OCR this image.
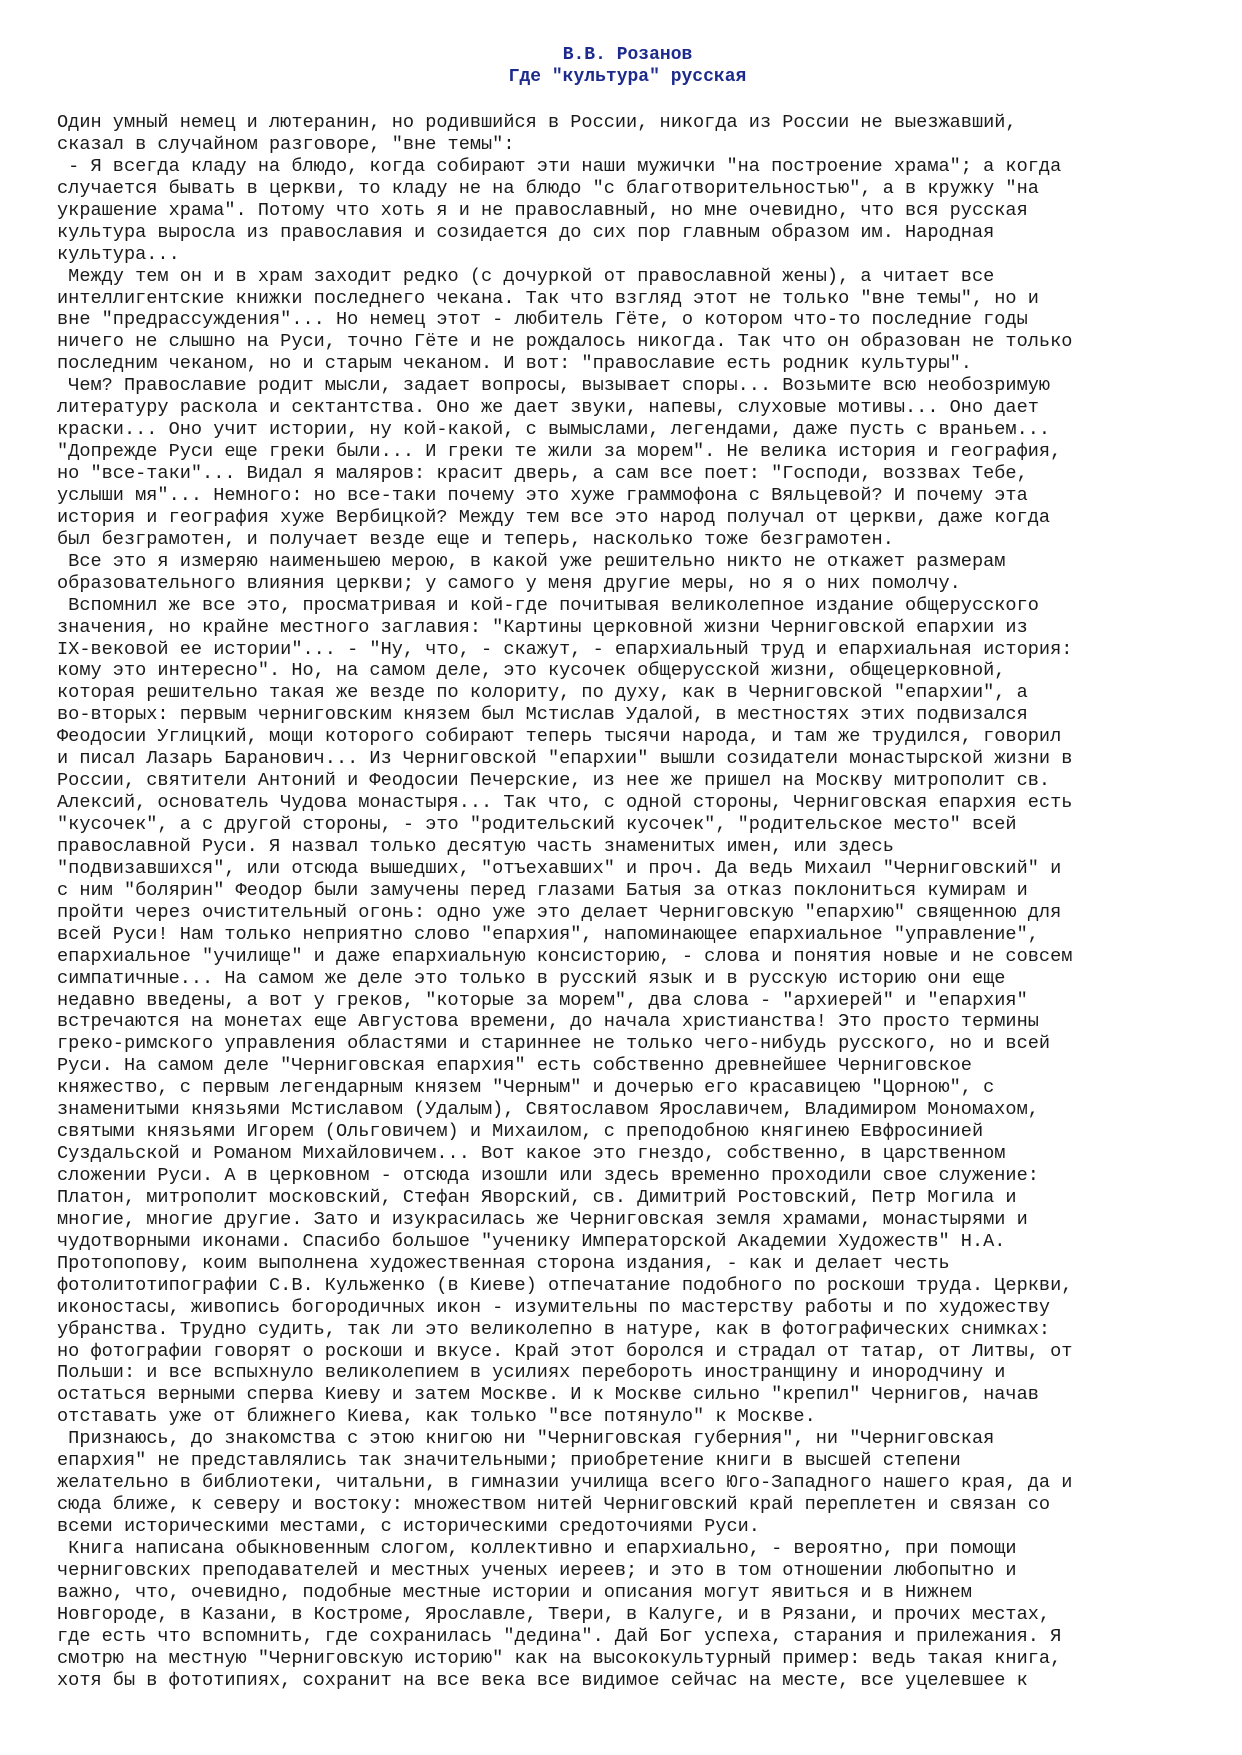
В.В. Розанов
Где "культура" русская
Один умный немец и лютеранин, но родившийся в России, никогда из России не выезжавший,
сказал в случайном разговоре, "вне темы":
- Я всегда кладу на блюдо, когда собирают эти наши мужички "на построение храма"; а когда
случается бывать в церкви, то кладу не на блюдо "с благотворительностью", а в кружку "на
украшение храма". Потому что хоть я и не православный, но мне очевидно, что вся русская
культура выросла из православия и созидается до сих пор главным образом им. Народная
культура...
Между тем он и в храм заходит редко (с дочуркой от православной жены), а читает все
интеллигентские книжки последнего чекана. Так что взгляд этот не только "вне темы", но и
вне "предрассуждения"... Но немец этот - любитель Гёте, о котором что-то последние годы
ничего не слышно на Руси, точно Гёте и не рождалось никогда. Так что он образован не только
последним чеканом, но и старым чеканом. И вот: "православие есть родник культуры".
Чем? Православие родит мысли, задает вопросы, вызывает споры... Возьмите всю необозримую
литературу раскола и сектантства. Оно же дает звуки, напевы, слуховые мотивы... Оно дает
краски... Оно учит истории, ну кой-какой, с вымыслами, легендами, даже пусть с враньем...
"Допрежде Руси еще греки были... И греки те жили за морем". Не велика история и география,
но "все-таки"... Видал я маляров: красит дверь, а сам все поет: "Господи, воззвах Тебе,
услыши мя"... Немного: но все-таки почему это хуже граммофона с Вяльцевой? И почему эта
история и география хуже Вербицкой? Между тем все это народ получал от церкви, даже когда
был безграмотен, и получает везде еще и теперь, насколько тоже безграмотен.
Все это я измеряю наименьшею мерою, в какой уже решительно никто не откажет размерам
образовательного влияния церкви; у самого у меня другие меры, но я о них помолчу.
Вспомнил же все это, просматривая и кой-где почитывая великолепное издание общерусского
значения, но крайне местного заглавия: "Картины церковной жизни Черниговской епархии из
IX-вековой ее истории"... - "Ну, что, - скажут, - епархиальный труд и епархиальная история:
кому это интересно". Но, на самом деле, это кусочек общерусской жизни, общецерковной,
которая решительно такая же везде по колориту, по духу, как в Черниговской "епархии", а
во-вторых: первым черниговским князем был Мстислав Удалой, в местностях этих подвизался
Феодосии Углицкий, мощи которого собирают теперь тысячи народа, и там же трудился, говорил
и писал Лазарь Баранович... Из Черниговской "епархии" вышли созидатели монастырской жизни в
России, святители Антоний и Феодосии Печерские, из нее же пришел на Москву митрополит св.
Алексий, основатель Чудова монастыря... Так что, с одной стороны, Черниговская епархия есть
"кусочек", а с другой стороны, - это "родительский кусочек", "родительское место" всей
православной Руси. Я назвал только десятую часть знаменитых имен, или здесь
"подвизавшихся", или отсюда вышедших, "отъехавших" и проч. Да ведь Михаил "Черниговский" и
с ним "болярин" Феодор были замучены перед глазами Батыя за отказ поклониться кумирам и
пройти через очистительный огонь: одно уже это делает Черниговскую "епархию" священною для
всей Руси! Нам только неприятно слово "епархия", напоминающее епархиальное "управление",
епархиальное "училище" и даже епархиальную консисторию, - слова и понятия новые и не совсем
симпатичные... На самом же деле это только в русский язык и в русскую историю они еще
недавно введены, а вот у греков, "которые за морем", два слова - "архиерей" и "епархия"
встречаются на монетах еще Августова времени, до начала христианства! Это просто термины
греко-римского управления областями и стариннее не только чего-нибудь русского, но и всей
Руси. На самом деле "Черниговская епархия" есть собственно древнейшее Черниговское
княжество, с первым легендарным князем "Черным" и дочерью его красавицею "Цорною", с
знаменитыми князьями Мстиславом (Удалым), Святославом Ярославичем, Владимиром Мономахом,
святыми князьями Игорем (Ольговичем) и Михаилом, с преподобною княгинею Евфросинией
Суздальской и Романом Михайловичем... Вот какое это гнездо, собственно, в царственном
сложении Руси. А в церковном - отсюда изошли или здесь временно проходили свое служение:
Платон, митрополит московский, Стефан Яворский, св. Димитрий Ростовский, Петр Могила и
многие, многие другие. Зато и изукрасилась же Черниговская земля храмами, монастырями и
чудотворными иконами. Спасибо большое "ученику Императорской Академии Художеств" Н.А.
Протопопову, коим выполнена художественная сторона издания, - как и делает честь
фотолитотипографии С.В. Кульженко (в Киеве) отпечатание подобного по роскоши труда. Церкви,
иконостасы, живопись богородичных икон - изумительны по мастерству работы и по художеству
убранства. Трудно судить, так ли это великолепно в натуре, как в фотографических снимках:
но фотографии говорят о роскоши и вкусе. Край этот боролся и страдал от татар, от Литвы, от
Польши: и все вспыхнуло великолепием в усилиях перебороть иностранщину и инородчину и
остаться верными сперва Киеву и затем Москве. И к Москве сильно "крепил" Чернигов, начав
отставать уже от ближнего Киева, как только "все потянуло" к Москве.
Признаюсь, до знакомства с этою книгою ни "Черниговская губерния", ни "Черниговская
епархия" не представлялись так значительными; приобретение книги в высшей степени
желательно в библиотеки, читальни, в гимназии училища всего Юго-Западного нашего края, да и
сюда ближе, к северу и востоку: множеством нитей Черниговский край переплетен и связан со
всеми историческими местами, с историческими средоточиями Руси.
Книга написана обыкновенным слогом, коллективно и епархиально, - вероятно, при помощи
черниговских преподавателей и местных ученых иереев; и это в том отношении любопытно и
важно, что, очевидно, подобные местные истории и описания могут явиться и в Нижнем
Новгороде, в Казани, в Костроме, Ярославле, Твери, в Калуге, и в Рязани, и прочих местах,
где есть что вспомнить, где сохранилась "дедина". Дай Бог успеха, старания и прилежания. Я
смотрю на местную "Черниговскую историю" как на высококультурный пример: ведь такая книга,
хотя бы в фототипиях, сохранит на все века все видимое сейчас на месте, все уцелевшее к
